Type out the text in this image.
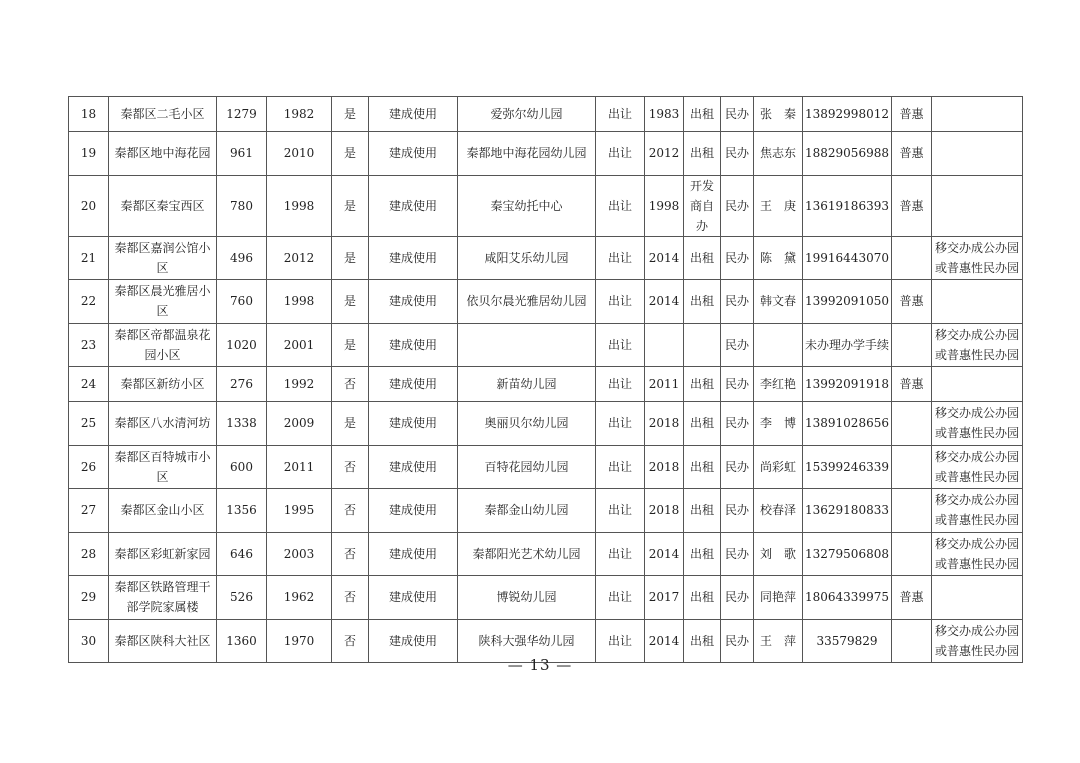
18	秦都区二毛小区	1279	1982	是	建成使用	爱弥尔幼儿园	出让	1983	出租	民办	张　秦	13892998012	普惠	
19	秦都区地中海花园	961	2010	是	建成使用	秦都地中海花园幼儿园	出让	2012	出租	民办	焦志东	18829056988	普惠	
20	秦都区秦宝西区	780	1998	是	建成使用	秦宝幼托中心	出让	1998	开发商自办	民办	王　庚	13619186393	普惠	
21	秦都区嘉润公馆小区	496	2012	是	建成使用	咸阳艾乐幼儿园	出让	2014	出租	民办	陈　黛	19916443070		移交办成公办园或普惠性民办园
22	秦都区晨光雅居小区	760	1998	是	建成使用	依贝尔晨光雅居幼儿园	出让	2014	出租	民办	韩文春	13992091050	普惠	
23	秦都区帝都温泉花园小区	1020	2001	是	建成使用		出让			民办		未办理办学手续		移交办成公办园或普惠性民办园
24	秦都区新纺小区	276	1992	否	建成使用	新苗幼儿园	出让	2011	出租	民办	李红艳	13992091918	普惠	
25	秦都区八水清河坊	1338	2009	是	建成使用	奥丽贝尔幼儿园	出让	2018	出租	民办	李　博	13891028656		移交办成公办园或普惠性民办园
26	秦都区百特城市小区	600	2011	否	建成使用	百特花园幼儿园	出让	2018	出租	民办	尚彩虹	15399246339		移交办成公办园或普惠性民办园
27	秦都区金山小区	1356	1995	否	建成使用	秦都金山幼儿园	出让	2018	出租	民办	校春泽	13629180833		移交办成公办园或普惠性民办园
28	秦都区彩虹新家园	646	2003	否	建成使用	秦都阳光艺术幼儿园	出让	2014	出租	民办	刘　歌	13279506808		移交办成公办园或普惠性民办园
29	秦都区铁路管理干部学院家属楼	526	1962	否	建成使用	博锐幼儿园	出让	2017	出租	民办	同艳萍	18064339975	普惠	
30	秦都区陕科大社区	1360	1970	否	建成使用	陕科大强华幼儿园	出让	2014	出租	民办	王　萍	33579829		移交办成公办园或普惠性民办园
— 13 —
